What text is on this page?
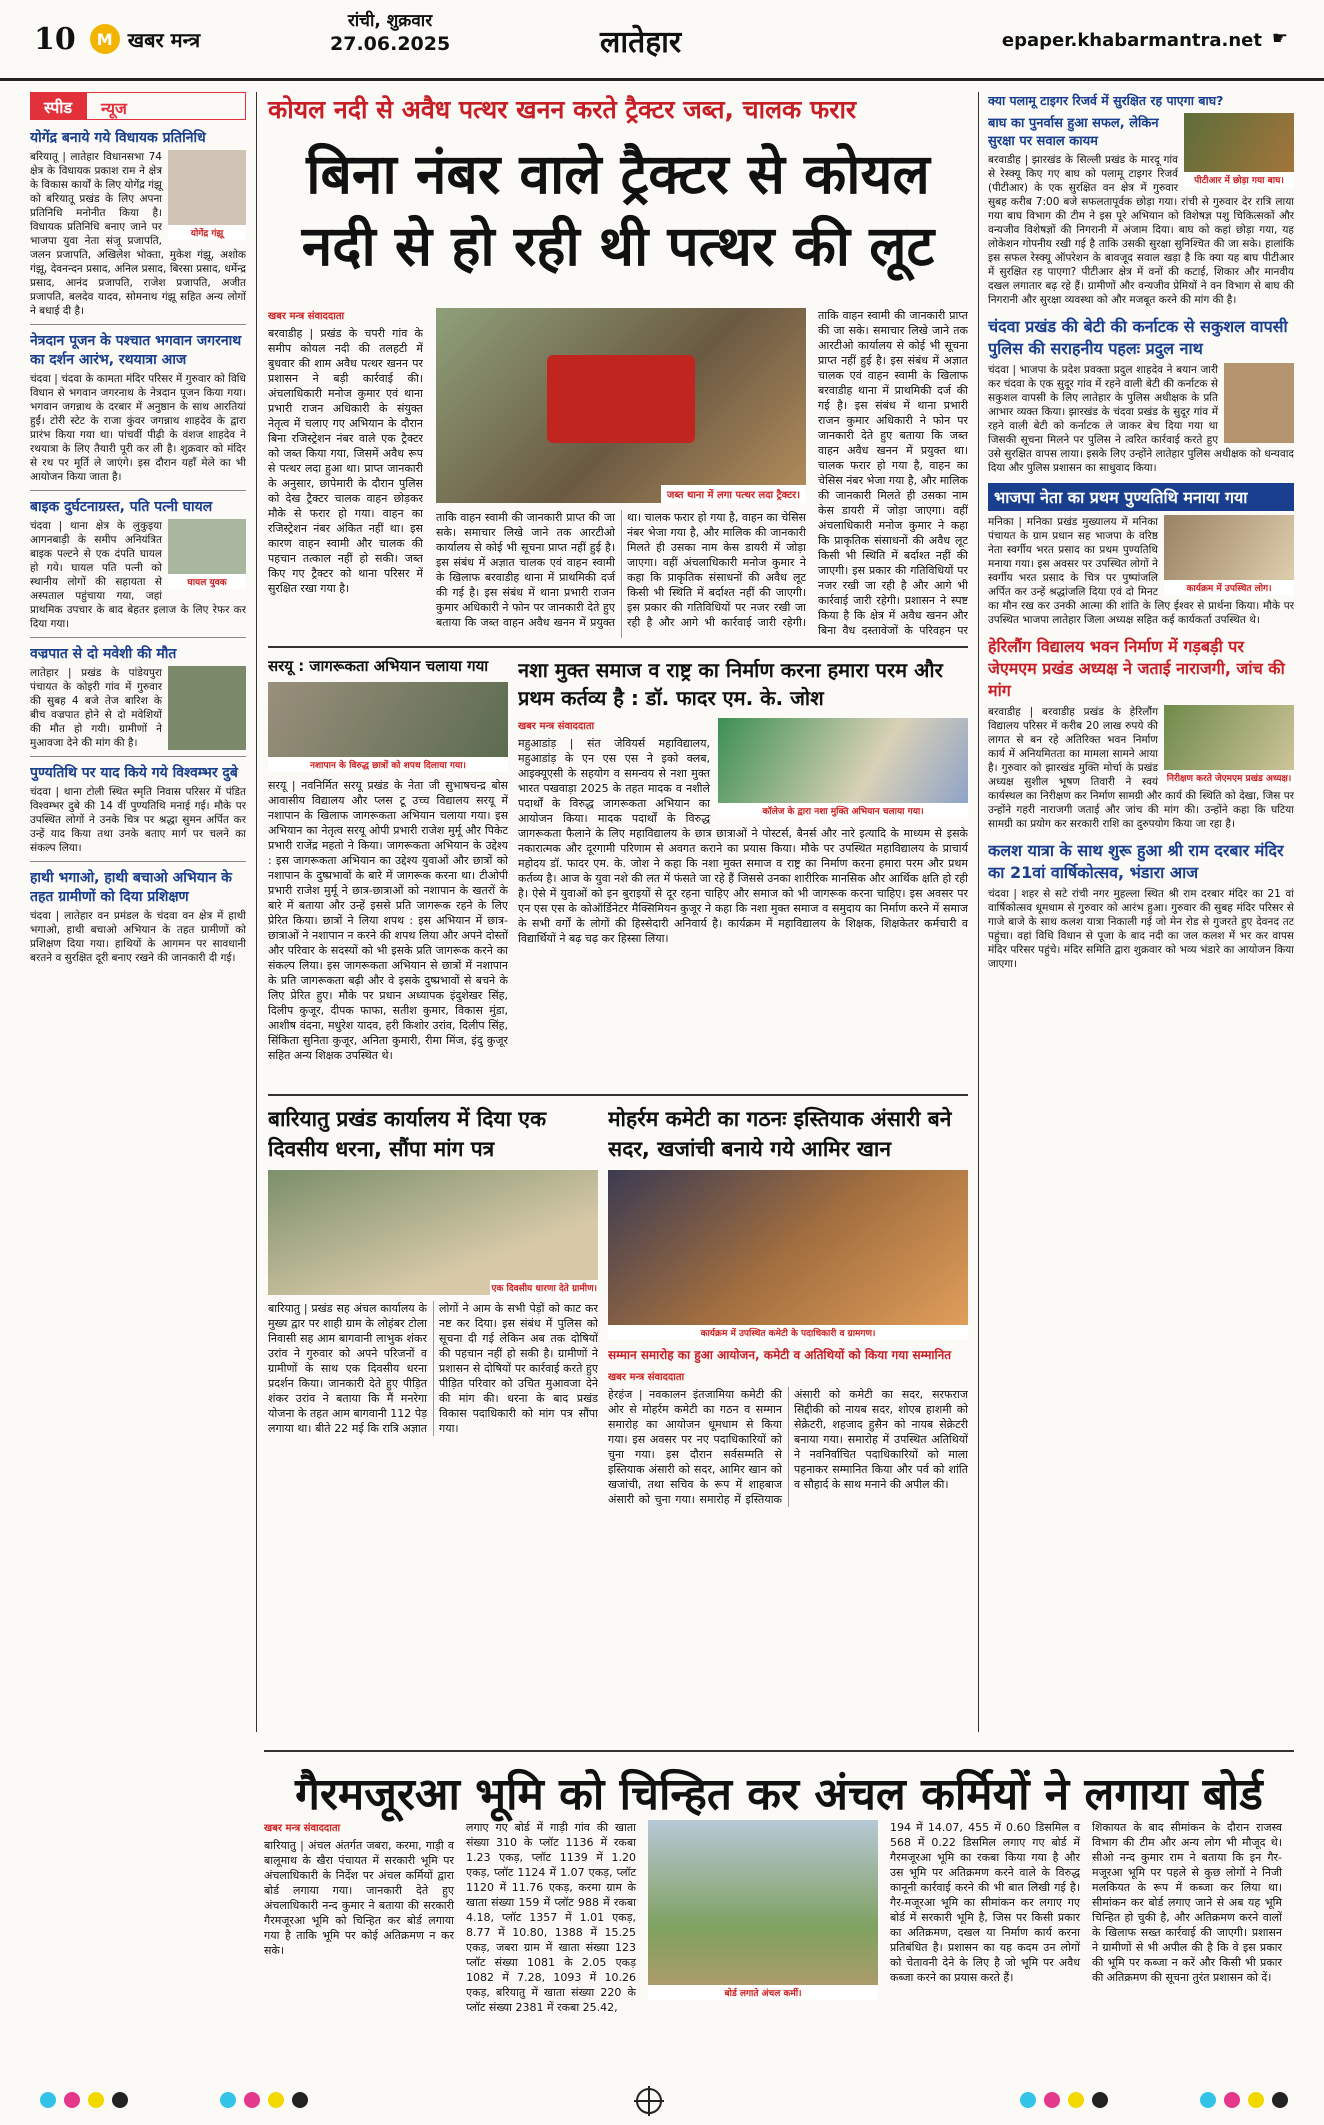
10	M खबर मन्त्र
रांची, शुक्रवार
27.06.2025	लातेहार	epaper.khabarmantra.net ☛
स्पीड	न्यूज
योगेंद्र बनाये गये विधायक प्रतिनिधि
योगेंद्र गंझू
बरियातू | लातेहार विधानसभा 74 क्षेत्र के विधायक प्रकाश राम ने क्षेत्र के विकास कार्यों के लिए योगेंद्र गंझू को बरियातू प्रखंड के लिए अपना प्रतिनिधि मनोनीत किया है। विधायक प्रतिनिधि बनाए जाने पर भाजपा युवा नेता संजू प्रजापति, जलन प्रजापति, अखिलेश भोक्ता, मुकेश गंझू, अशोक गंझू, देवनन्दन प्रसाद, अनिल प्रसाद, बिरसा प्रसाद, धर्मेन्द्र प्रसाद, आनंद प्रजापति, राजेश प्रजापति, अजीत प्रजापति, बलदेव यादव, सोमनाथ गंझू सहित अन्य लोगों ने बधाई दी है।
नेत्रदान पूजन के पश्चात भगवान जगरनाथ का दर्शन आरंभ, रथयात्रा आज
चंदवा | चंदवा के कामता मंदिर परिसर में गुरुवार को विधि विधान से भगवान जगरनाथ के नेत्रदान पूजन किया गया। भगवान जगन्नाथ के दरबार में अनुष्ठान के साथ आरतियां हुईं। टोरी स्टेट के राजा कुंवर जगन्नाथ शाहदेव के द्वारा प्रारंभ किया गया था। पांचवीं पीढ़ी के वंशज शाहदेव ने रथयात्रा के लिए तैयारी पूरी कर ली है। शुक्रवार को मंदिर से रथ पर मूर्ति ले जाएंगे। इस दौरान यहाँ मेले का भी आयोजन किया जाता है।
बाइक दुर्घटनाग्रस्त, पति पत्नी घायल
घायल युवक
चंदवा | थाना क्षेत्र के लुकुइया आगनबाड़ी के समीप अनियंत्रित बाइक पल्टने से एक दंपति घायल हो गये। घायल पति पत्नी को स्थानीय लोगों की सहायता से अस्पताल पहुंचाया गया, जहां प्राथमिक उपचार के बाद बेहतर इलाज के लिए रेफर कर दिया गया।
वज्रपात से दो मवेशी की मौत
लातेहार | प्रखंड के पांडेयपुरा पंचायत के कोइरी गांव में गुरुवार की सुबह 4 बजे तेज बारिश के बीच वज्रपात होने से दो मवेशियों की मौत हो गयी। ग्रामीणों ने मुआवजा देने की मांग की है।
पुण्यतिथि पर याद किये गये विश्वम्भर दुबे
चंदवा | थाना टोली स्थित स्मृति निवास परिसर में पंडित विश्वम्भर दुबे की 14 वीं पुण्यतिथि मनाई गई। मौके पर उपस्थित लोगों ने उनके चित्र पर श्रद्धा सुमन अर्पित कर उन्हें याद किया तथा उनके बताए मार्ग पर चलने का संकल्प लिया।
हाथी भगाओ, हाथी बचाओ अभियान के तहत ग्रामीणों को दिया प्रशिक्षण
चंदवा | लातेहार वन प्रमंडल के चंदवा वन क्षेत्र में हाथी भगाओ, हाथी बचाओ अभियान के तहत ग्रामीणों को प्रशिक्षण दिया गया। हाथियों के आगमन पर सावधानी बरतने व सुरक्षित दूरी बनाए रखने की जानकारी दी गई।
कोयल नदी से अवैध पत्थर खनन करते ट्रैक्टर जब्त, चालक फरार
बिना नंबर वाले ट्रैक्टर से कोयल नदी से हो रही थी पत्थर की लूट
खबर मन्त्र संवाददाता
बरवाडीह | प्रखंड के चपरी गांव के समीप कोयल नदी की तलहटी में बुधवार की शाम अवैध पत्थर खनन पर प्रशासन ने बड़ी कार्रवाई की। अंचलाधिकारी मनोज कुमार एवं थाना प्रभारी राजन अधिकारी के संयुक्त नेतृत्व में चलाए गए अभियान के दौरान बिना रजिस्ट्रेशन नंबर वाले एक ट्रैक्टर को जब्त किया गया, जिसमें अवैध रूप से पत्थर लदा हुआ था। प्राप्त जानकारी के अनुसार, छापेमारी के दौरान पुलिस को देख ट्रैक्टर चालक वाहन छोड़कर मौके से फरार हो गया। वाहन का रजिस्ट्रेशन नंबर अंकित नहीं था। इस कारण वाहन स्वामी और चालक की पहचान तत्काल नहीं हो सकी। जब्त किए गए ट्रैक्टर को थाना परिसर में सुरक्षित रखा गया है।
जब्त थाना में लगा पत्थर लदा ट्रैक्टर।
ताकि वाहन स्वामी की जानकारी प्राप्त की जा सके। समाचार लिखे जाने तक आरटीओ कार्यालय से कोई भी सूचना प्राप्त नहीं हुई है। इस संबंध में अज्ञात चालक एवं वाहन स्वामी के खिलाफ बरवाडीह थाना में प्राथमिकी दर्ज की गई है। इस संबंध में थाना प्रभारी राजन कुमार अधिकारी ने फोन पर जानकारी देते हुए बताया कि जब्त वाहन अवैध खनन में प्रयुक्त था। चालक फरार हो गया है, वाहन का चेसिस नंबर भेजा गया है, और मालिक की जानकारी मिलते ही उसका नाम केस डायरी में जोड़ा जाएगा। वहीं अंचलाधिकारी मनोज कुमार ने कहा कि प्राकृतिक संसाधनों की अवैध लूट किसी भी स्थिति में बर्दाश्त नहीं की जाएगी। इस प्रकार की गतिविधियों पर नजर रखी जा रही है और आगे भी कार्रवाई जारी रहेगी।
ताकि वाहन स्वामी की जानकारी प्राप्त की जा सके। समाचार लिखे जाने तक आरटीओ कार्यालय से कोई भी सूचना प्राप्त नहीं हुई है। इस संबंध में अज्ञात चालक एवं वाहन स्वामी के खिलाफ बरवाडीह थाना में प्राथमिकी दर्ज की गई है। इस संबंध में थाना प्रभारी राजन कुमार अधिकारी ने फोन पर जानकारी देते हुए बताया कि जब्त वाहन अवैध खनन में प्रयुक्त था। चालक फरार हो गया है, वाहन का चेसिस नंबर भेजा गया है, और मालिक की जानकारी मिलते ही उसका नाम केस डायरी में जोड़ा जाएगा। वहीं अंचलाधिकारी मनोज कुमार ने कहा कि प्राकृतिक संसाधनों की अवैध लूट किसी भी स्थिति में बर्दाश्त नहीं की जाएगी। इस प्रकार की गतिविधियों पर नजर रखी जा रही है और आगे भी कार्रवाई जारी रहेगी। प्रशासन ने स्पष्ट किया है कि क्षेत्र में अवैध खनन और बिना वैध दस्तावेजों के परिवहन पर
सरयू : जागरूकता अभियान चलाया गया
नशापान के विरुद्ध छात्रों को शपथ दिलाया गया।
सरयू | नवनिर्मित सरयू प्रखंड के नेता जी सुभाषचन्द्र बोस आवासीय विद्यालय और प्लस टू उच्च विद्यालय सरयू में नशापान के खिलाफ जागरूकता अभियान चलाया गया। इस अभियान का नेतृत्व सरयू ओपी प्रभारी राजेश मुर्मू और पिकेट प्रभारी राजेंद्र महतो ने किया। जागरूकता अभियान के उद्देश्य : इस जागरूकता अभियान का उद्देश्य युवाओं और छात्रों को नशापान के दुष्प्रभावों के बारे में जागरूक करना था। टीओपी प्रभारी राजेश मुर्मू ने छात्र-छात्राओं को नशापान के खतरों के बारे में बताया और उन्हें इससे प्रति जागरूक रहने के लिए प्रेरित किया। छात्रों ने लिया शपथ : इस अभियान में छात्र-छात्राओं ने नशापान न करने की शपथ लिया और अपने दोस्तों और परिवार के सदस्यों को भी इसके प्रति जागरूक करने का संकल्प लिया। इस जागरूकता अभियान से छात्रों में नशापान के प्रति जागरूकता बढ़ी और वे इसके दुष्प्रभावों से बचने के लिए प्रेरित हुए। मौके पर प्रधान अध्यापक इंदुशेखर सिंह, दिलीप कुजूर, दीपक फाफा, सतीश कुमार, विकास मुंडा, आशीष वंदना, मधुरेश यादव, हरी किशोर उरांव, दिलीप सिंह, सिंकिता सुनिता कुजूर, अनिता कुमारी, रीमा मिंज, इंदु कुजूर सहित अन्य शिक्षक उपस्थित थे।
नशा मुक्त समाज व राष्ट्र का निर्माण करना हमारा परम और प्रथम कर्तव्य है : डॉ. फादर एम. के. जोश
कॉलेज के द्वारा नशा मुक्ति अभियान चलाया गया।
खबर मन्त्र संवाददाता
महुआडांड़ | संत जेवियर्स महाविद्यालय, महुआडांड़ के एन एस एस ने इको क्लब, आइक्यूएसी के सहयोग व समन्वय से नशा मुक्त भारत पखवाड़ा 2025 के तहत मादक व नशीले पदार्थों के विरुद्ध जागरूकता अभियान का आयोजन किया। मादक पदार्थों के विरुद्ध जागरूकता फैलाने के लिए महाविद्यालय के छात्र छात्राओं ने पोस्टर्स, बैनर्स और नारे इत्यादि के माध्यम से इसके नकारात्मक और दूरगामी परिणाम से अवगत कराने का प्रयास किया। मौके पर उपस्थित महाविद्यालय के प्राचार्य महोदय डॉ. फादर एम. के. जोश ने कहा कि नशा मुक्त समाज व राष्ट्र का निर्माण करना हमारा परम और प्रथम कर्तव्य है। आज के युवा नशे की लत में फंसते जा रहे हैं जिससे उनका शारीरिक मानसिक और आर्थिक क्षति हो रही है। ऐसे में युवाओं को इन बुराइयों से दूर रहना चाहिए और समाज को भी जागरूक करना चाहिए। इस अवसर पर एन एस एस के कोऑर्डिनेटर मैक्सिमियन कुजूर ने कहा कि नशा मुक्त समाज व समुदाय का निर्माण करने में समाज के सभी वर्गों के लोगों की हिस्सेदारी अनिवार्य है। कार्यक्रम में महाविद्यालय के शिक्षक, शिक्षकेतर कर्मचारी व विद्यार्थियों ने बढ़ चढ़ कर हिस्सा लिया।
बारियातु प्रखंड कार्यालय में दिया एक दिवसीय धरना, सौंपा मांग पत्र
एक दिवसीय धारणा देते ग्रामीण।
बारियातु | प्रखंड सह अंचल कार्यालय के मुख्य द्वार पर शाही ग्राम के लोहंबर टोला निवासी सह आम बागवानी लाभुक शंकर उरांव ने गुरुवार को अपने परिजनों व ग्रामीणों के साथ एक दिवसीय धरना प्रदर्शन किया। जानकारी देते हुए पीड़ित शंकर उरांव ने बताया कि मैं मनरेगा योजना के तहत आम बागवानी 112 पेड़ लगाया था। बीते 22 मई कि रात्रि अज्ञात लोगों ने आम के सभी पेड़ों को काट कर नष्ट कर दिया। इस संबंध में पुलिस को सूचना दी गई लेकिन अब तक दोषियों की पहचान नहीं हो सकी है। ग्रामीणों ने प्रशासन से दोषियों पर कार्रवाई करते हुए पीड़ित परिवार को उचित मुआवजा देने की मांग की। धरना के बाद प्रखंड विकास पदाधिकारी को मांग पत्र सौंपा गया।
मोहर्रम कमेटी का गठनः इस्तियाक अंसारी बने सदर, खजांची बनाये गये आमिर खान
कार्यक्रम में उपस्थित कमेटी के पदाधिकारी व ग्रामगण।
सम्मान समारोह का हुआ आयोजन, कमेटी व अतिथियों को किया गया सम्मानित
खबर मन्त्र संवाददाता
हेरहंज | नवकालन इंतजामिया कमेटी की ओर से मोहर्रम कमेटी का गठन व सम्मान समारोह का आयोजन धूमधाम से किया गया। इस अवसर पर नए पदाधिकारियों को चुना गया। इस दौरान सर्वसम्मति से इस्तियाक अंसारी को सदर, आमिर खान को खजांची, तथा सचिव के रूप में शाहबाज अंसारी को चुना गया। समारोह में इस्तियाक अंसारी को कमेटी का सदर, सरफराज सिद्दीकी को नायब सदर, शोएब हाशमी को सेक्रेटरी, शहजाद हुसैन को नायब सेक्रेटरी बनाया गया। समारोह में उपस्थित अतिथियों ने नवनिर्वाचित पदाधिकारियों को माला पहनाकर सम्मानित किया और पर्व को शांति व सौहार्द के साथ मनाने की अपील की।
क्या पलामू टाइगर रिजर्व में सुरक्षित रह पाएगा बाघ?
पीटीआर में छोड़ा गया बाघ।
बाघ का पुनर्वास हुआ सफल, लेकिन सुरक्षा पर सवाल कायम
बरवाडीह | झारखंड के सिल्ली प्रखंड के मारदू गांव से रेस्क्यू किए गए बाघ को पलामू टाइगर रिजर्व (पीटीआर) के एक सुरक्षित वन क्षेत्र में गुरुवार सुबह करीब 7:00 बजे सफलतापूर्वक छोड़ा गया। रांची से गुरुवार देर रात्रि लाया गया बाघ विभाग की टीम ने इस पूरे अभियान को विशेषज्ञ पशु चिकित्सकों और वन्यजीव विशेषज्ञों की निगरानी में अंजाम दिया। बाघ को कहां छोड़ा गया, यह लोकेशन गोपनीय रखी गई है ताकि उसकी सुरक्षा सुनिश्चित की जा सके। हालांकि इस सफल रेस्क्यू ऑपरेशन के बावजूद सवाल खड़ा है कि क्या यह बाघ पीटीआर में सुरक्षित रह पाएगा? पीटीआर क्षेत्र में वनों की कटाई, शिकार और मानवीय दखल लगातार बढ़ रहे हैं। ग्रामीणों और वन्यजीव प्रेमियों ने वन विभाग से बाघ की निगरानी और सुरक्षा व्यवस्था को और मजबूत करने की मांग की है।
चंदवा प्रखंड की बेटी की कर्नाटक से सकुशल वापसी पुलिस की सराहनीय पहलः प्रदुल नाथ
चंदवा | भाजपा के प्रदेश प्रवक्ता प्रदुल शाहदेव ने बयान जारी कर चंदवा के एक सुदूर गांव में रहने वाली बेटी की कर्नाटक से सकुशल वापसी के लिए लातेहार के पुलिस अधीक्षक के प्रति आभार व्यक्त किया। झारखंड के चंदवा प्रखंड के सुदूर गांव में रहने वाली बेटी को कर्नाटक ले जाकर बेच दिया गया था जिसकी सूचना मिलने पर पुलिस ने त्वरित कार्रवाई करते हुए उसे सुरक्षित वापस लाया। इसके लिए उन्होंने लातेहार पुलिस अधीक्षक को धन्यवाद दिया और पुलिस प्रशासन का साधुवाद किया।
भाजपा नेता का प्रथम पुण्यतिथि मनाया गया
कार्यक्रम में उपस्थित लोग।
मनिका | मनिका प्रखंड मुख्यालय में मनिका पंचायत के ग्राम प्रधान सह भाजपा के वरिष्ठ नेता स्वर्गीय भरत प्रसाद का प्रथम पुण्यतिथि मनाया गया। इस अवसर पर उपस्थित लोगों ने स्वर्गीय भरत प्रसाद के चित्र पर पुष्पांजलि अर्पित कर उन्हें श्रद्धांजलि दिया एवं दो मिनट का मौन रख कर उनकी आत्मा की शांति के लिए ईश्वर से प्रार्थना किया। मौके पर उपस्थित भाजपा लातेहार जिला अध्यक्ष सहित कई कार्यकर्ता उपस्थित थे।
हेरिलौंग विद्यालय भवन निर्माण में गड़बड़ी पर जेएमएम प्रखंड अध्यक्ष ने जताई नाराजगी, जांच की मांग
निरीक्षण करते जेएमएम प्रखंड अध्यक्ष।
बरवाडीह | बरवाडीह प्रखंड के हेरिलौंग विद्यालय परिसर में करीब 20 लाख रुपये की लागत से बन रहे अतिरिक्त भवन निर्माण कार्य में अनियमितता का मामला सामने आया है। गुरुवार को झारखंड मुक्ति मोर्चा के प्रखंड अध्यक्ष सुशील भूषण तिवारी ने स्वयं कार्यस्थल का निरीक्षण कर निर्माण सामग्री और कार्य की स्थिति को देखा, जिस पर उन्होंने गहरी नाराजगी जताई और जांच की मांग की। उन्होंने कहा कि घटिया सामग्री का प्रयोग कर सरकारी राशि का दुरुपयोग किया जा रहा है।
कलश यात्रा के साथ शुरू हुआ श्री राम दरबार मंदिर का 21वां वार्षिकोत्सव, भंडारा आज
चंदवा | शहर से सटे रांची नगर मुहल्ला स्थित श्री राम दरबार मंदिर का 21 वां वार्षिकोत्सव धूमधाम से गुरुवार को आरंभ हुआ। गुरुवार की सुबह मंदिर परिसर से गाजे बाजे के साथ कलश यात्रा निकाली गई जो मेन रोड से गुजरते हुए देवनद तट पहुंचा। वहां विधि विधान से पूजा के बाद नदी का जल कलश में भर कर वापस मंदिर परिसर पहुंचे। मंदिर समिति द्वारा शुक्रवार को भव्य भंडारे का आयोजन किया जाएगा।
गैरमजूरआ भूमि को चिन्हित कर अंचल कर्मियों ने लगाया बोर्ड
खबर मन्त्र संवाददाता
बारियातु | अंचल अंतर्गत जबरा, करमा, गाड़ी व बालूमाथ के खैरा पंचायत में सरकारी भूमि पर अंचलाधिकारी के निर्देश पर अंचल कर्मियों द्वारा बोर्ड लगाया गया। जानकारी देते हुए अंचलाधिकारी नन्द कुमार ने बताया की सरकारी गैरमजूरआ भूमि को चिन्हित कर बोर्ड लगाया गया है ताकि भूमि पर कोई अतिक्रमण न कर सके।
लगाए गए बोर्ड में गाड़ी गांव की खाता संख्या 310 के प्लॉट 1136 में रकबा 1.23 एकड़, प्लॉट 1139 में 1.20 एकड़, प्लॉट 1124 में 1.07 एकड़, प्लॉट 1120 में 11.76 एकड़, करमा ग्राम के खाता संख्या 159 में प्लॉट 988 में रकबा 4.18, प्लॉट 1357 में 1.01 एकड़, 8.77 में 10.80, 1388 में 15.25 एकड़, जबरा ग्राम में खाता संख्या 123 प्लॉट संख्या 1081 के 2.05 एकड़ 1082 में 7.28, 1093 में 10.26 एकड़, बरियातु में खाता संख्या 220 के प्लॉट संख्या 2381 में रकबा 25.42,
बोर्ड लगाते अंचल कर्मी।
194 में 14.07, 455 में 0.60 डिसमिल व 568 में 0.22 डिसमिल लगाए गए बोर्ड में गैरमजूरआ भूमि का रकबा किया गया है और उस भूमि पर अतिक्रमण करने वाले के विरुद्ध कानूनी कार्रवाई करने की भी बात लिखी गई है। गैर-मजूरआ भूमि का सीमांकन कर लगाए गए बोर्ड में सरकारी भूमि है, जिस पर किसी प्रकार का अतिक्रमण, दखल या निर्माण कार्य करना प्रतिबंधित है। प्रशासन का यह कदम उन लोगों को चेतावनी देने के लिए है जो भूमि पर अवैध कब्जा करने का प्रयास करते हैं।
शिकायत के बाद सीमांकन के दौरान राजस्व विभाग की टीम और अन्य लोग भी मौजूद थे। सीओ नन्द कुमार राम ने बताया कि इन गैर-मजूरआ भूमि पर पहले से कुछ लोगों ने निजी मलकियत के रूप में कब्जा कर लिया था। सीमांकन कर बोर्ड लगाए जाने से अब यह भूमि चिन्हित हो चुकी है, और अतिक्रमण करने वालों के खिलाफ सख्त कार्रवाई की जाएगी। प्रशासन ने ग्रामीणों से भी अपील की है कि वे इस प्रकार की भूमि पर कब्जा न करें और किसी भी प्रकार की अतिक्रमण की सूचना तुरंत प्रशासन को दें।
